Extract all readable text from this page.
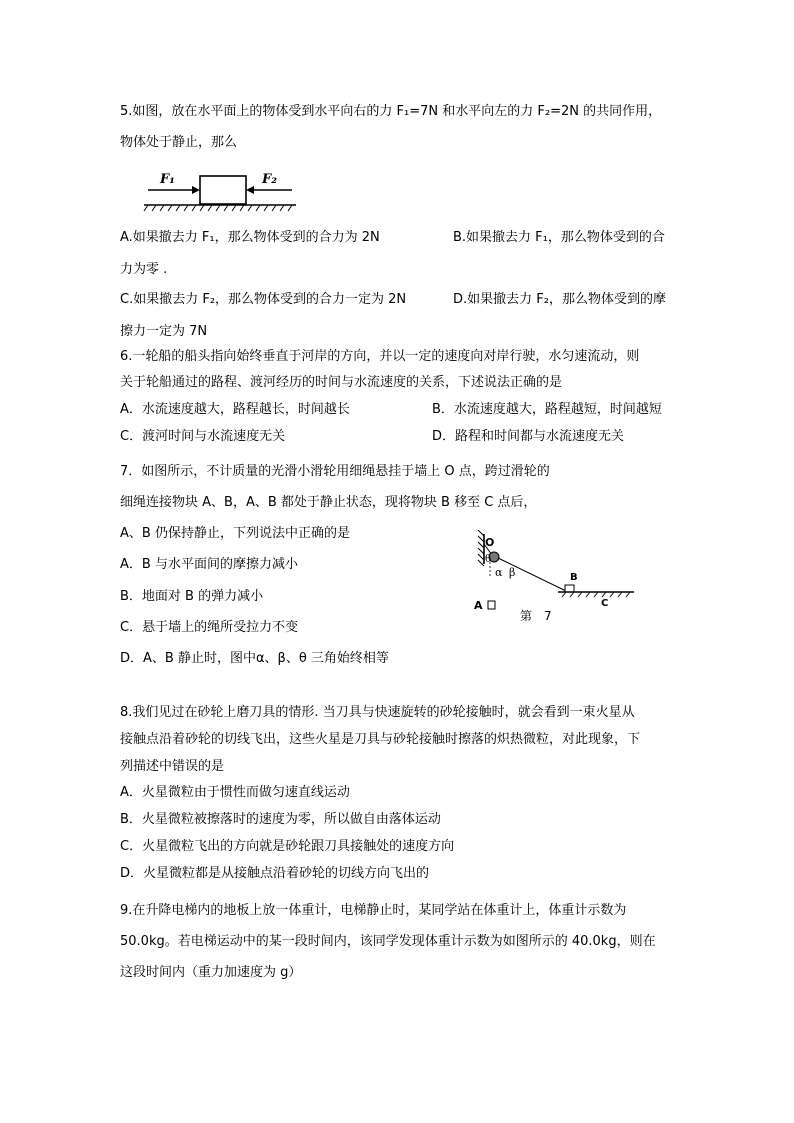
5.如图，放在水平面上的物体受到水平向右的力 F₁=7N 和水平向左的力 F₂=2N 的共同作用，
物体处于静止，那么
F₁	F₂
A.如果撤去力 F₁，那么物体受到的合力为 2N	B.如果撤去力 F₁，那么物体受到的合
力为零 .
C.如果撤去力 F₂，那么物体受到的合力一定为 2N	D.如果撤去力 F₂，那么物体受到的摩
擦力一定为 7N
6.一轮船的船头指向始终垂直于河岸的方向，并以一定的速度向对岸行驶，水匀速流动，则
关于轮船通过的路程、渡河经历的时间与水流速度的关系，下述说法正确的是
A．水流速度越大，路程越长，时间越长	B．水流速度越大，路程越短，时间越短
C．渡河时间与水流速度无关	D．路程和时间都与水流速度无关
7．如图所示，不计质量的光滑小滑轮用细绳悬挂于墙上 O 点，跨过滑轮的
细绳连接物块 A、B，A、B 都处于静止状态，现将物块 B 移至 C 点后，
A、B 仍保持静止，下列说法中正确的是
A．B 与水平面间的摩擦力减小
B．地面对 B 的弹力减小
C．悬于墙上的绳所受拉力不变
D．A、B 静止时，图中α、β、θ 三角始终相等
O
θ
α β	B
C
A
第　7
8.我们见过在砂轮上磨刀具的情形. 当刀具与快速旋转的砂轮接触时，就会看到一束火星从
接触点沿着砂轮的切线飞出，这些火星是刀具与砂轮接触时擦落的炽热微粒，对此现象，下
列描述中错误的是
A．火星微粒由于惯性而做匀速直线运动
B．火星微粒被擦落时的速度为零，所以做自由落体运动
C．火星微粒飞出的方向就是砂轮跟刀具接触处的速度方向
D．火星微粒都是从接触点沿着砂轮的切线方向飞出的
9.在升降电梯内的地板上放一体重计，电梯静止时，某同学站在体重计上，体重计示数为
50.0kg。若电梯运动中的某一段时间内，该同学发现体重计示数为如图所示的 40.0kg，则在
这段时间内（重力加速度为 g）
